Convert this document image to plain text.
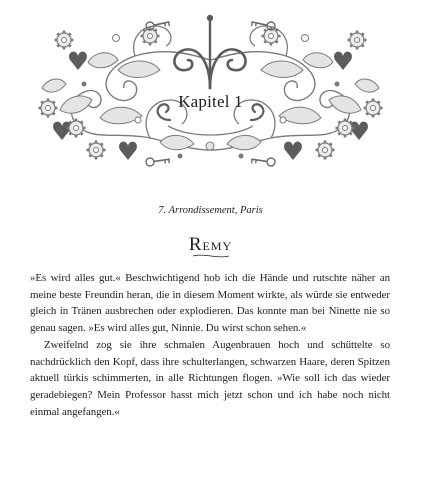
Kapitel 1
7. Arrondissement, Paris
REMY

»Es wird alles gut.« Beschwichtigend hob ich die Hände und rutschte näher an meine beste Freundin heran, die in diesem Moment wirkte, als würde sie entweder gleich in Tränen ausbrechen oder explodieren. Das konnte man bei Ninette nie so genau sagen. »Es wird alles gut, Ninnie. Du wirst schon sehen.«

Zweifelnd zog sie ihre schmalen Augenbrauen hoch und schüttelte so nachdrücklich den Kopf, dass ihre schulterlangen, schwarzen Haare, deren Spitzen aktuell türkis schimmerten, in alle Richtungen flogen. »Wie soll ich das wieder geradebiegen? Mein Professor hasst mich jetzt schon und ich habe noch nicht einmal angefangen.«
